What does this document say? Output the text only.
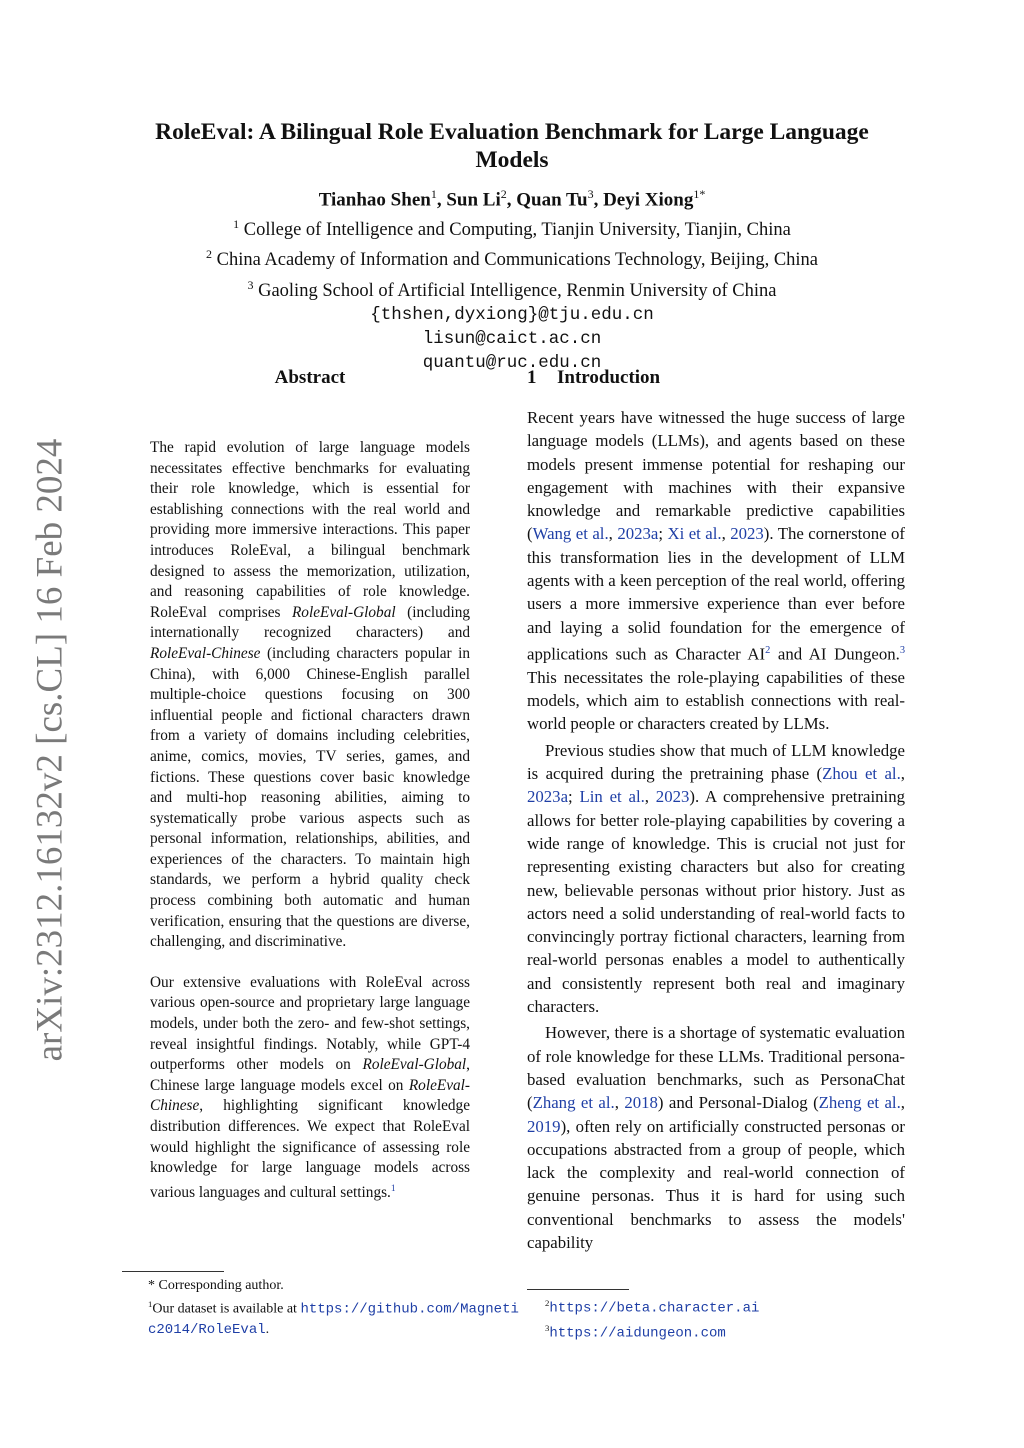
arXiv:2312.16132v2 [cs.CL] 16 Feb 2024
RoleEval: A Bilingual Role Evaluation Benchmark for Large Language Models
Tianhao Shen$^1$, Sun Li$^2$, Quan Tu$^3$, Deyi Xiong$^{1*}$
$^1$ College of Intelligence and Computing, Tianjin University, Tianjin, China
$^2$ China Academy of Information and Communications Technology, Beijing, China
$^3$ Gaoling School of Artificial Intelligence, Renmin University of China
{thshen,dyxiong}@tju.edu.cn
lisun@caict.ac.cn
quantu@ruc.edu.cn
Abstract

The rapid evolution of large language models necessitates effective benchmarks for evaluating their role knowledge, which is essential for establishing connections with the real world and providing more immersive interactions. This paper introduces RoleEval, a bilingual benchmark designed to assess the memorization, utilization, and reasoning capabilities of role knowledge. RoleEval comprises RoleEval-Global (including internationally recognized characters) and RoleEval-Chinese (including characters popular in China), with 6,000 Chinese-English parallel multiple-choice questions focusing on 300 influential people and fictional characters drawn from a variety of domains including celebrities, anime, comics, movies, TV series, games, and fictions. These questions cover basic knowledge and multi-hop reasoning abilities, aiming to systematically probe various aspects such as personal information, relationships, abilities, and experiences of the characters. To maintain high standards, we perform a hybrid quality check process combining both automatic and human verification, ensuring that the questions are diverse, challenging, and discriminative.

Our extensive evaluations with RoleEval across various open-source and proprietary large language models, under both the zero- and few-shot settings, reveal insightful findings. Notably, while GPT-4 outperforms other models on RoleEval-Global, Chinese large language models excel on RoleEval-Chinese, highlighting significant knowledge distribution differences. We expect that RoleEval would highlight the significance of assessing role knowledge for large language models across various languages and cultural settings.$^1$

1 Introduction

Recent years have witnessed the huge success of large language models (LLMs), and agents based on these models present immense potential for reshaping our engagement with machines with their expansive knowledge and remarkable predictive capabilities (Wang et al., 2023a; Xi et al., 2023). The cornerstone of this transformation lies in the development of LLM agents with a keen perception of the real world, offering users a more immersive experience than ever before and laying a solid foundation for the emergence of applications such as Character AI$^2$ and AI Dungeon.$^3$ This necessitates the role-playing capabilities of these models, which aim to establish connections with real-world people or characters created by LLMs.

Previous studies show that much of LLM knowledge is acquired during the pretraining phase (Zhou et al., 2023a; Lin et al., 2023). A comprehensive pretraining allows for better role-playing capabilities by covering a wide range of knowledge. This is crucial not just for representing existing characters but also for creating new, believable personas without prior history. Just as actors need a solid understanding of real-world facts to convincingly portray fictional characters, learning from real-world personas enables a model to authentically and consistently represent both real and imaginary characters.

However, there is a shortage of systematic evaluation of role knowledge for these LLMs. Traditional persona-based evaluation benchmarks, such as PersonaChat (Zhang et al., 2018) and Personal-Dialog (Zheng et al., 2019), often rely on artificially constructed personas or occupations abstracted from a group of people, which lack the complexity and real-world connection of genuine personas. Thus it is hard for using such conventional benchmarks to assess the models' capability

* Corresponding author.
$^1$Our dataset is available at https://github.com/Magnetic2014/RoleEval.
$^2$https://beta.character.ai
$^3$https://aidungeon.com
